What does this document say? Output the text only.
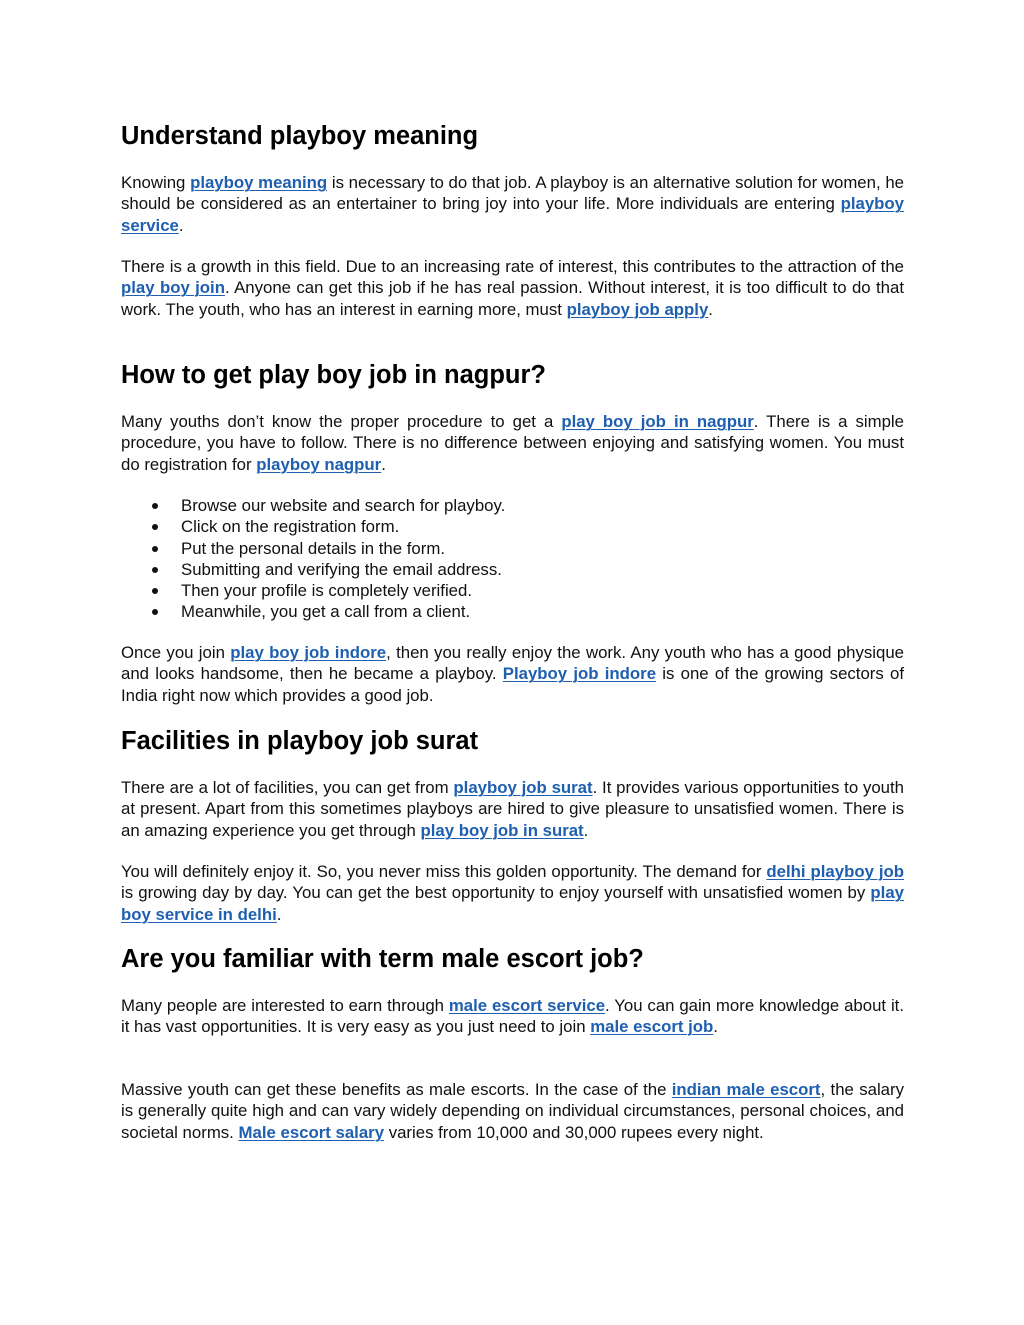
Understand playboy meaning

Knowing playboy meaning is necessary to do that job. A playboy is an alternative solution for women, he should be considered as an entertainer to bring joy into your life. More individuals are entering playboy service.

There is a growth in this field. Due to an increasing rate of interest, this contributes to the attraction of the play boy join. Anyone can get this job if he has real passion. Without interest, it is too difficult to do that work. The youth, who has an interest in earning more, must playboy job apply.

How to get play boy job in nagpur?

Many youths don’t know the proper procedure to get a play boy job in nagpur. There is a simple procedure, you have to follow. There is no difference between enjoying and satisfying women. You must do registration for playboy nagpur.

Browse our website and search for playboy.
Click on the registration form.
Put the personal details in the form.
Submitting and verifying the email address.
Then your profile is completely verified.
Meanwhile, you get a call from a client.

Once you join play boy job indore, then you really enjoy the work. Any youth who has a good physique and looks handsome, then he became a playboy. Playboy job indore is one of the growing sectors of India right now which provides a good job.

Facilities in playboy job surat

There are a lot of facilities, you can get from playboy job surat. It provides various opportunities to youth at present. Apart from this sometimes playboys are hired to give pleasure to unsatisfied women. There is an amazing experience you get through play boy job in surat.

You will definitely enjoy it. So, you never miss this golden opportunity. The demand for delhi playboy job is growing day by day. You can get the best opportunity to enjoy yourself with unsatisfied women by play boy service in delhi.

Are you familiar with term male escort job?

Many people are interested to earn through male escort service. You can gain more knowledge about it. it has vast opportunities. It is very easy as you just need to join male escort job.

Massive youth can get these benefits as male escorts. In the case of the indian male escort, the salary is generally quite high and can vary widely depending on individual circumstances, personal choices, and societal norms. Male escort salary varies from 10,000 and 30,000 rupees every night.
